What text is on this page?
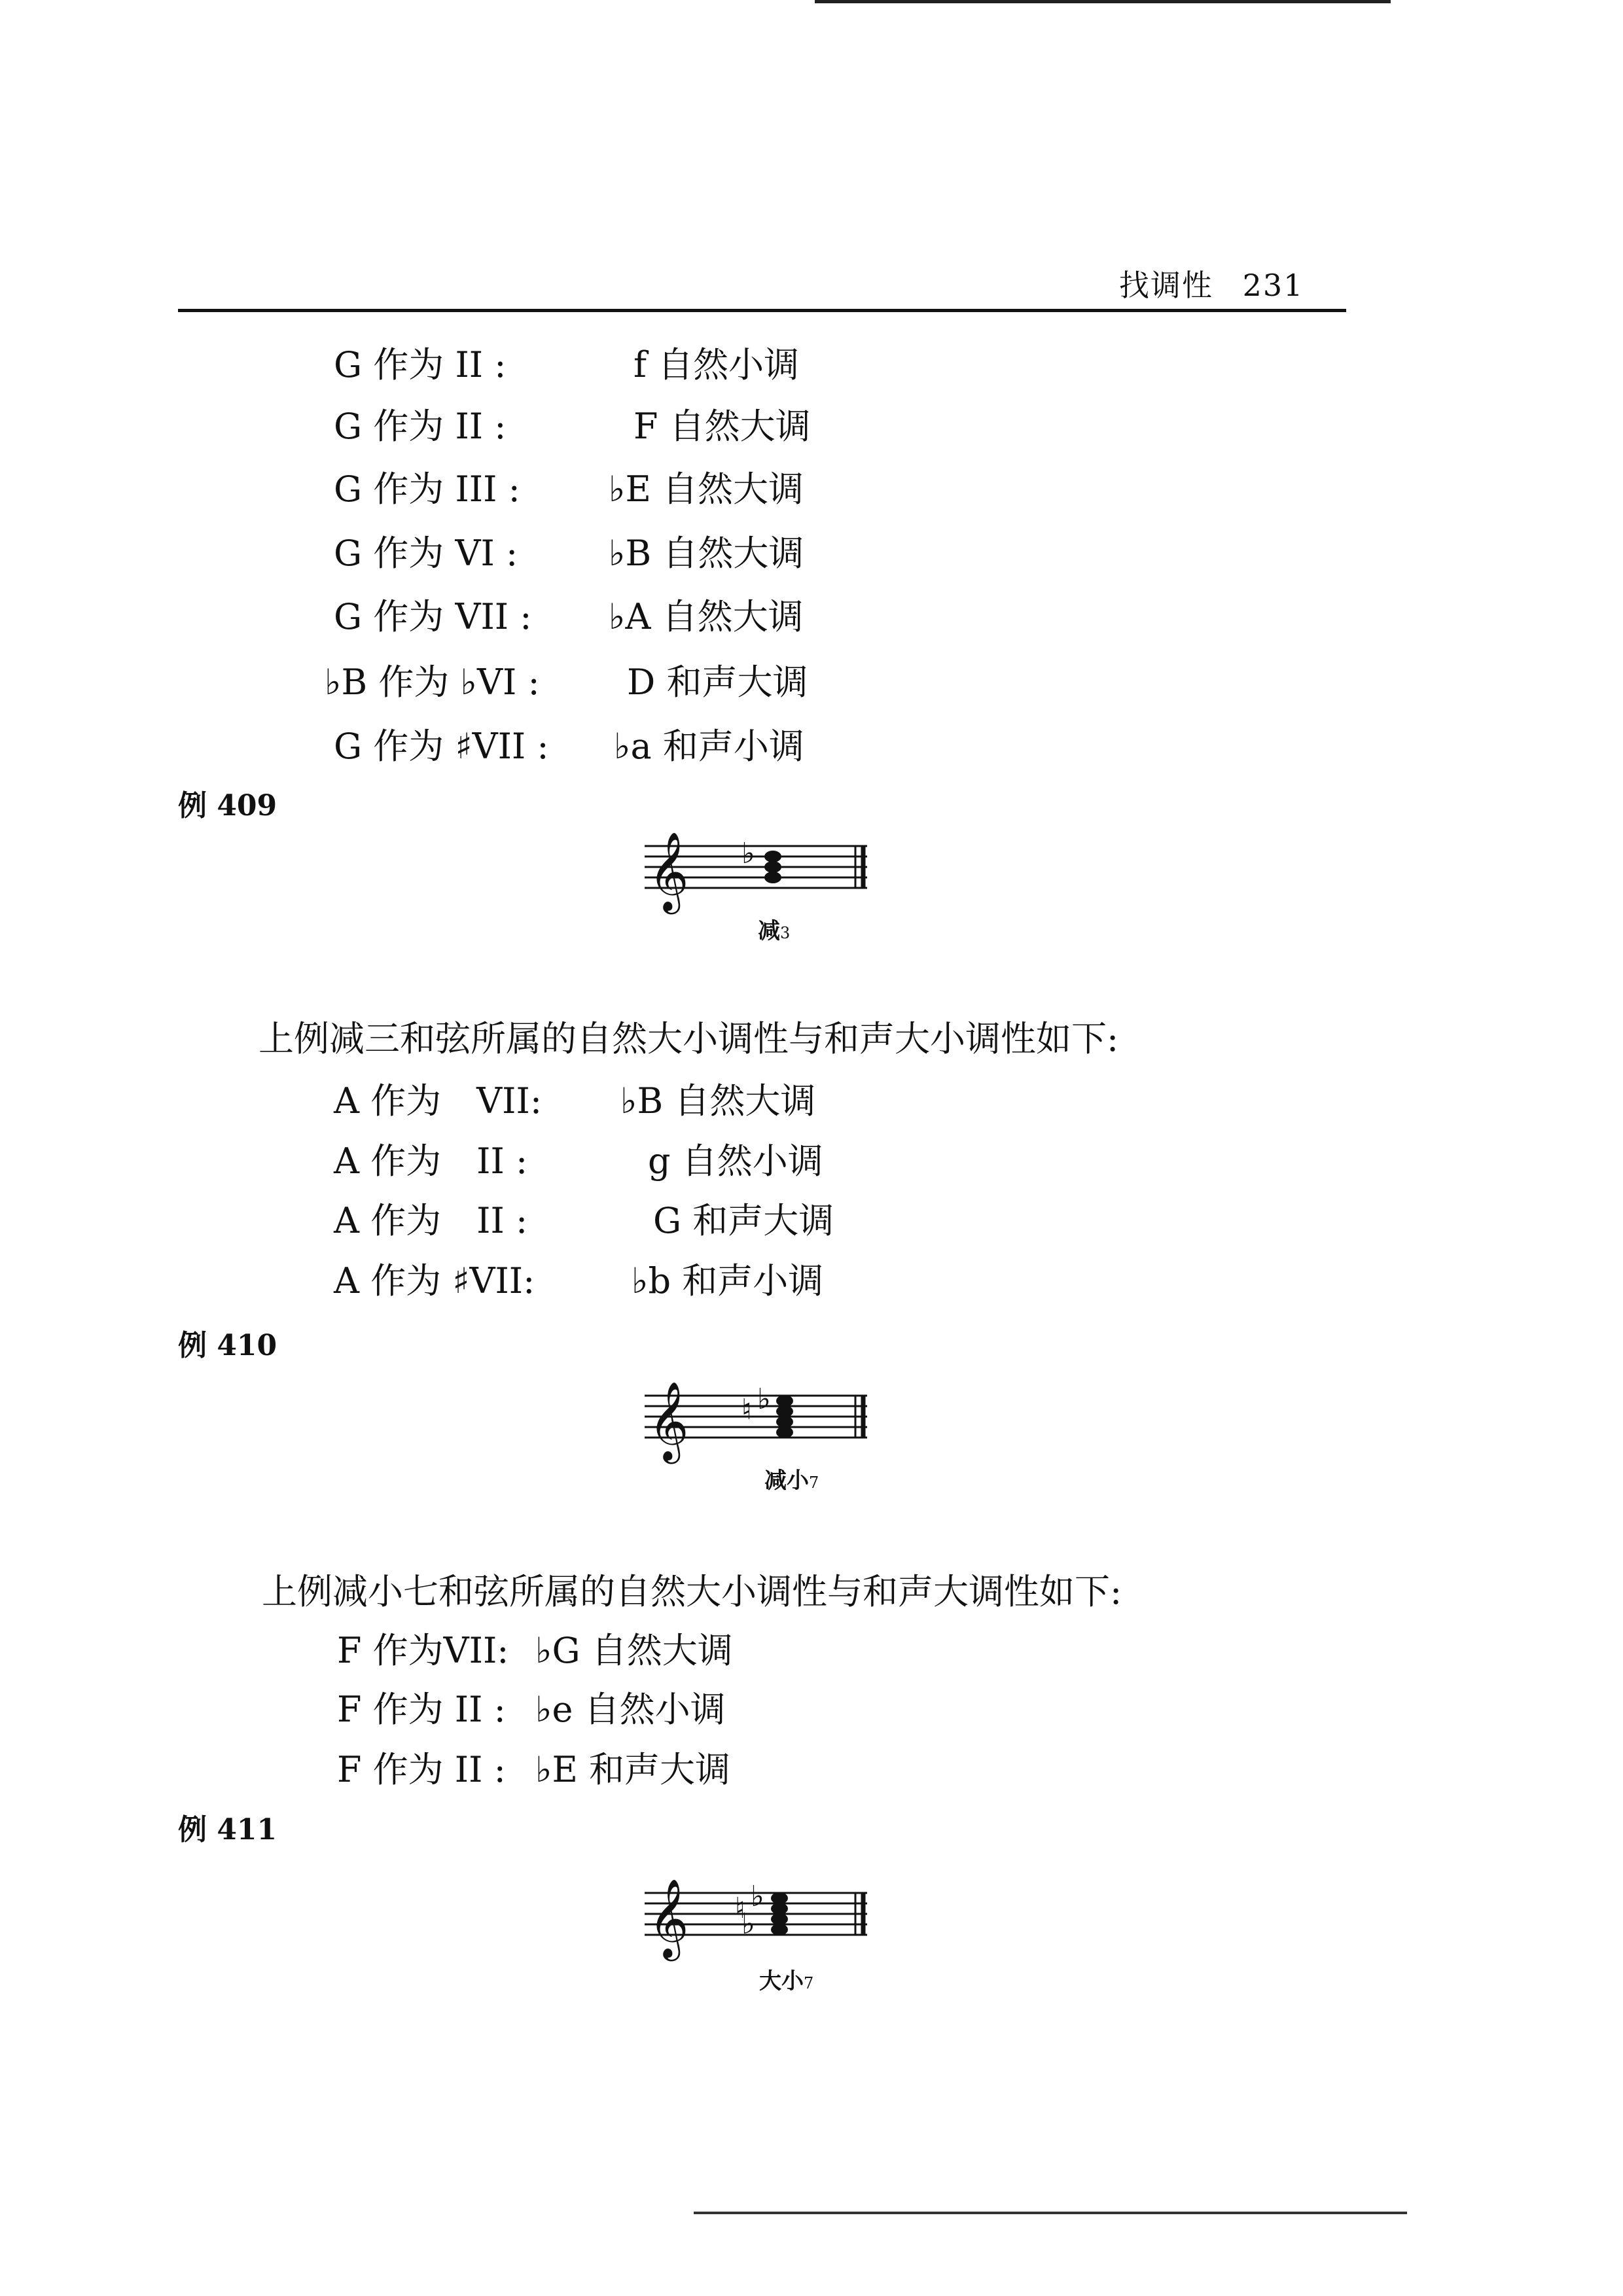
找调性 231
G 作为 II :	f 自然小调
G 作为 II :	F 自然大调
G 作为 III :	♭E 自然大调
G 作为 VI :	♭B 自然大调
G 作为 VII : ♭A 自然大调
♭B 作为 ♭VI : D 和声大调
G 作为 ♯VII : ♭a 和声小调
例 409
𝄞 ♭
减3
上例减三和弦所属的自然大小调性与和声大小调性如下:
A 作为　VII: ♭B 自然大调
A 作为　II :	g 自然小调
A 作为　II :	G 和声大调
A 作为 ♯VII:	♭b 和声小调
例 410
𝄞 ♮ ♭
减小7
上例减小七和弦所属的自然大小调性与和声大调性如下:
F 作为VII: ♭G 自然大调
F 作为 II : ♭e 自然小调
F 作为 II : ♭E 和声大调
例 411
𝄞 ♮ ♭
♭
大小7
